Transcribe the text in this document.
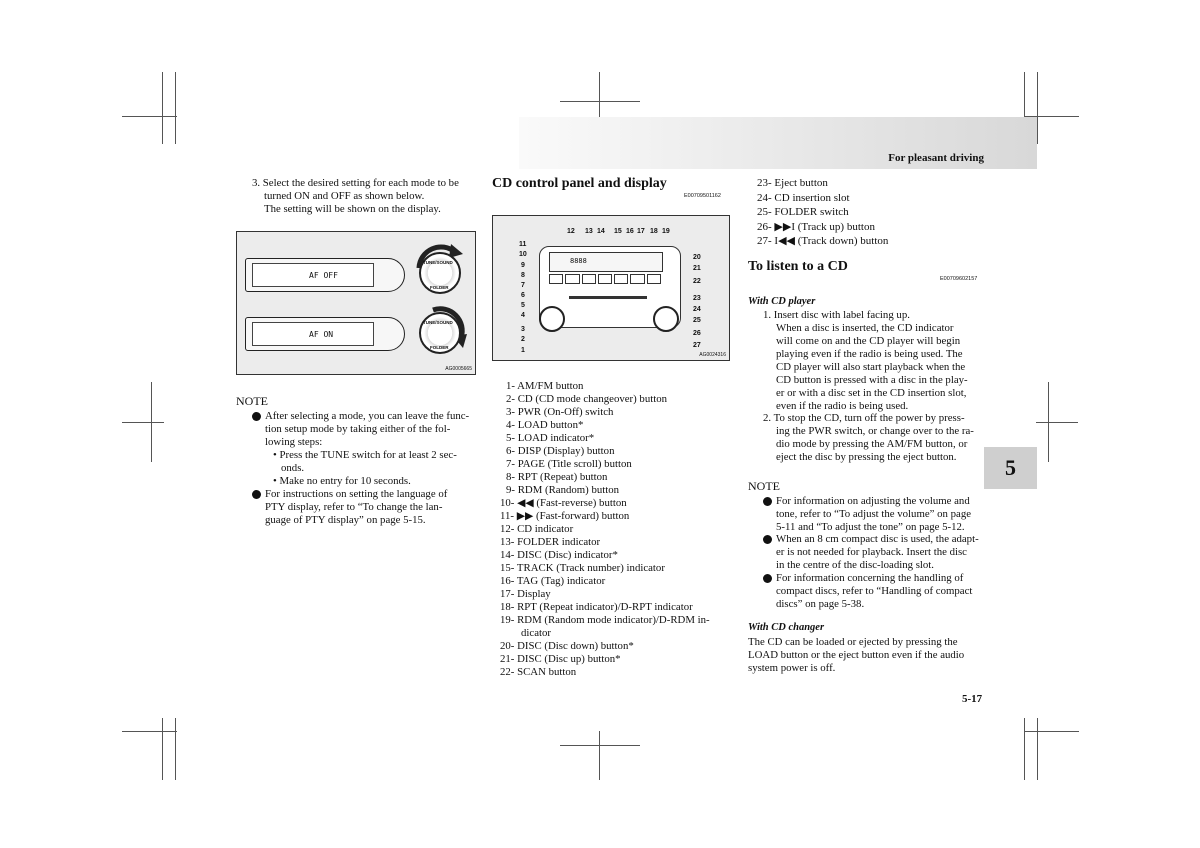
For pleasant driving
5
3. Select the desired setting for each mode to be
turned ON and OFF as shown below.
The setting will be shown on the display.
AF OFF
AF ON
TUNE/SOUND
FOLDER
TUNE/SOUND
FOLDER
AG0005665
NOTE
After selecting a mode, you can leave the func-
tion setup mode by taking either of the fol-
lowing steps:
• Press the TUNE switch for at least 2 sec-
onds.
• Make no entry for 10 seconds.
For instructions on setting the language of
PTY display, refer to “To change the lan-
guage of PTY display” on page 5-15.
CD control panel and display
E00709501162
8888
12 13 14 15 16 17 18 19
11
10
9
8
7
6
5
4
3
2
1
20
21
22
23
24
25
26
27
AG0024316
1- AM/FM button
2- CD (CD mode changeover) button
3- PWR (On-Off) switch
4- LOAD button*
5- LOAD indicator*
6- DISP (Display) button
7- PAGE (Title scroll) button
8- RPT (Repeat) button
9- RDM (Random) button
10- ◀◀ (Fast-reverse) button
11- ▶▶ (Fast-forward) button
12- CD indicator
13- FOLDER indicator
14- DISC (Disc) indicator*
15- TRACK (Track number) indicator
16- TAG (Tag) indicator
17- Display
18- RPT (Repeat indicator)/D-RPT indicator
19- RDM (Random mode indicator)/D-RDM in-
dicator
20- DISC (Disc down) button*
21- DISC (Disc up) button*
22- SCAN button
23- Eject button
24- CD insertion slot
25- FOLDER switch
26- ▶▶I (Track up) button
27- I◀◀ (Track down) button
To listen to a CD
E00709602157
With CD player
1. Insert disc with label facing up.
When a disc is inserted, the CD indicator
will come on and the CD player will begin
playing even if the radio is being used. The
CD player will also start playback when the
CD button is pressed with a disc in the play-
er or with a disc set in the CD insertion slot,
even if the radio is being used.
2. To stop the CD, turn off the power by press-
ing the PWR switch, or change over to the ra-
dio mode by pressing the AM/FM button, or
eject the disc by pressing the eject button.
NOTE
For information on adjusting the volume and
tone, refer to “To adjust the volume” on page
5-11 and “To adjust the tone” on page 5-12.
When an 8 cm compact disc is used, the adapt-
er is not needed for playback. Insert the disc
in the centre of the disc-loading slot.
For information concerning the handling of
compact discs, refer to “Handling of compact
discs” on page 5-38.
With CD changer
The CD can be loaded or ejected by pressing the
LOAD button or the eject button even if the audio
system power is off.
5-17
